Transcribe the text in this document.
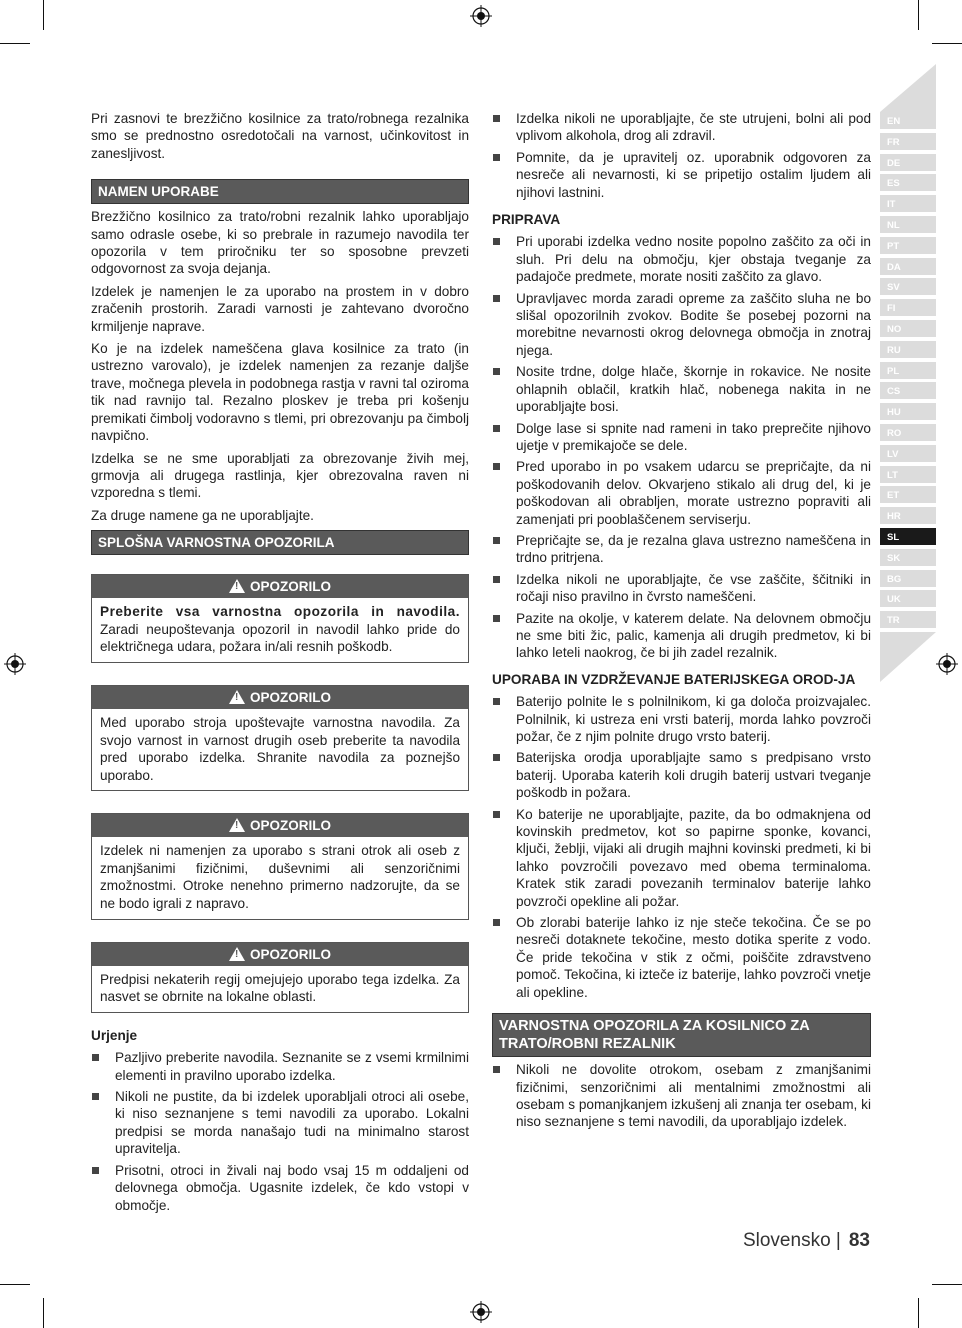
Pri zasnovi te brezžično kosilnice za trato/robnega rezalnika smo se prednostno osredotočali na varnost, učinkovitost in zanesljivost.

NAMEN UPORABE

Brezžično kosilnico za trato/robni rezalnik lahko uporabljajo samo odrasle osebe, ki so prebrale in razumejo navodila ter opozorila v tem priročniku ter so sposobne prevzeti odgovornost za svoja dejanja.

Izdelek je namenjen le za uporabo na prostem in v dobro zračenih prostorih. Zaradi varnosti je zahtevano dvoročno krmiljenje naprave.

Ko je na izdelek nameščena glava kosilnice za trato (in ustrezno varovalo), je izdelek namenjen za rezanje daljše trave, močnega plevela in podobnega rastja v ravni tal oziroma tik nad ravnijo tal. Rezalno ploskev je treba pri košenju premikati čimbolj vodoravno s tlemi, pri obrezovanju pa čimbolj navpično.

Izdelka se ne sme uporabljati za obrezovanje živih mej, grmovja ali drugega rastlinja, kjer obrezovalna raven ni vzporedna s tlemi.

Za druge namene ga ne uporabljajte.

SPLOŠNA VARNOSTNA OPOZORILA
! OPOZORILO
Preberite vsa varnostna opozorila in navodila. Zaradi neupoštevanja opozoril in navodil lahko pride do električnega udara, požara in/ali resnih poškodb.
! OPOZORILO
Med uporabo stroja upoštevajte varnostna navodila. Za svojo varnost in varnost drugih oseb preberite ta navodila pred uporabo izdelka. Shranite navodila za poznejšo uporabo.
! OPOZORILO
Izdelek ni namenjen za uporabo s strani otrok ali oseb z zmanjšanimi fizičnimi, duševnimi ali senzoričnimi zmožnostmi. Otroke nenehno primerno nadzorujte, da se ne bodo igrali z napravo.
! OPOZORILO
Predpisi nekaterih regij omejujejo uporabo tega izdelka. Za nasvet se obrnite na lokalne oblasti.
Urjenje
Pazljivo preberite navodila. Seznanite se z vsemi krmilnimi elementi in pravilno uporabo izdelka.
Nikoli ne pustite, da bi izdelek uporabljali otroci ali osebe, ki niso seznanjene s temi navodili za uporabo. Lokalni predpisi se morda nanašajo tudi na minimalno starost upravitelja.
Prisotni, otroci in živali naj bodo vsaj 15 m oddaljeni od delovnega območja. Ugasnite izdelek, če kdo vstopi v območje.
Izdelka nikoli ne uporabljajte, če ste utrujeni, bolni ali pod vplivom alkohola, drog ali zdravil.
Pomnite, da je upravitelj oz. uporabnik odgovoren za nesreče ali nevarnosti, ki se pripetijo ostalim ljudem ali njihovi lastnini.
PRIPRAVA
Pri uporabi izdelka vedno nosite popolno zaščito za oči in sluh. Pri delu na območju, kjer obstaja tveganje za padajoče predmete, morate nositi zaščito za glavo.
Upravljavec morda zaradi opreme za zaščito sluha ne bo slišal opozorilnih zvokov. Bodite še posebej pozorni na morebitne nevarnosti okrog delovnega območja in znotraj njega.
Nosite trdne, dolge hlače, škornje in rokavice. Ne nosite ohlapnih oblačil, kratkih hlač, nobenega nakita in ne uporabljajte bosi.
Dolge lase si spnite nad rameni in tako preprečite njihovo ujetje v premikajoče se dele.
Pred uporabo in po vsakem udarcu se prepričajte, da ni poškodovanih delov. Okvarjeno stikalo ali drug del, ki je poškodovan ali obrabljen, morate ustrezno popraviti ali zamenjati pri pooblaščenem serviserju.
Prepričajte se, da je rezalna glava ustrezno nameščena in trdno pritrjena.
Izdelka nikoli ne uporabljajte, če vse zaščite, ščitniki in ročaji niso pravilno in čvrsto nameščeni.
Pazite na okolje, v katerem delate. Na delovnem območju ne sme biti žic, palic, kamenja ali drugih predmetov, ki bi lahko leteli naokrog, če bi jih zadel rezalnik.
UPORABA IN VZDRŽEVANJE BATERIJSKEGA OROD-JA
Baterijo polnite le s polnilnikom, ki ga določa proizvajalec. Polnilnik, ki ustreza eni vrsti baterij, morda lahko povzroči požar, če z njim polnite drugo vrsto baterij.
Baterijska orodja uporabljajte samo s predpisano vrsto baterij. Uporaba katerih koli drugih baterij ustvari tveganje poškodb in požara.
Ko baterije ne uporabljajte, pazite, da bo odmaknjena od kovinskih predmetov, kot so papirne sponke, kovanci, ključi, žeblji, vijaki ali drugih majhni kovinski predmeti, ki bi lahko povzročili povezavo med obema terminaloma. Kratek stik zaradi povezanih terminalov baterije lahko povzroči opekline ali požar.
Ob zlorabi baterije lahko iz nje steče tekočina. Če se po nesreči dotaknete tekočine, mesto dotika sperite z vodo. Če pride tekočina v stik z očmi, poiščite zdravstveno pomoč. Tekočina, ki izteče iz baterije, lahko povzroči vnetje ali opekline.
VARNOSTNA OPOZORILA ZA KOSILNICO ZA TRATO/ROBNI REZALNIK
Nikoli ne dovolite otrokom, osebam z zmanjšanimi fizičnimi, senzoričnimi ali mentalnimi zmožnostmi ali osebam s pomanjkanjem izkušenj ali znanja ter osebam, ki niso seznanjene s temi navodili, da uporabljajo izdelek.
EN
FR
DE
ES
IT
NL
PT
DA
SV
FI
NO
RU
PL
CS
HU
RO
LV
LT
ET
HR
SL
SK
BG
UK
TR
Slovensko | 83
